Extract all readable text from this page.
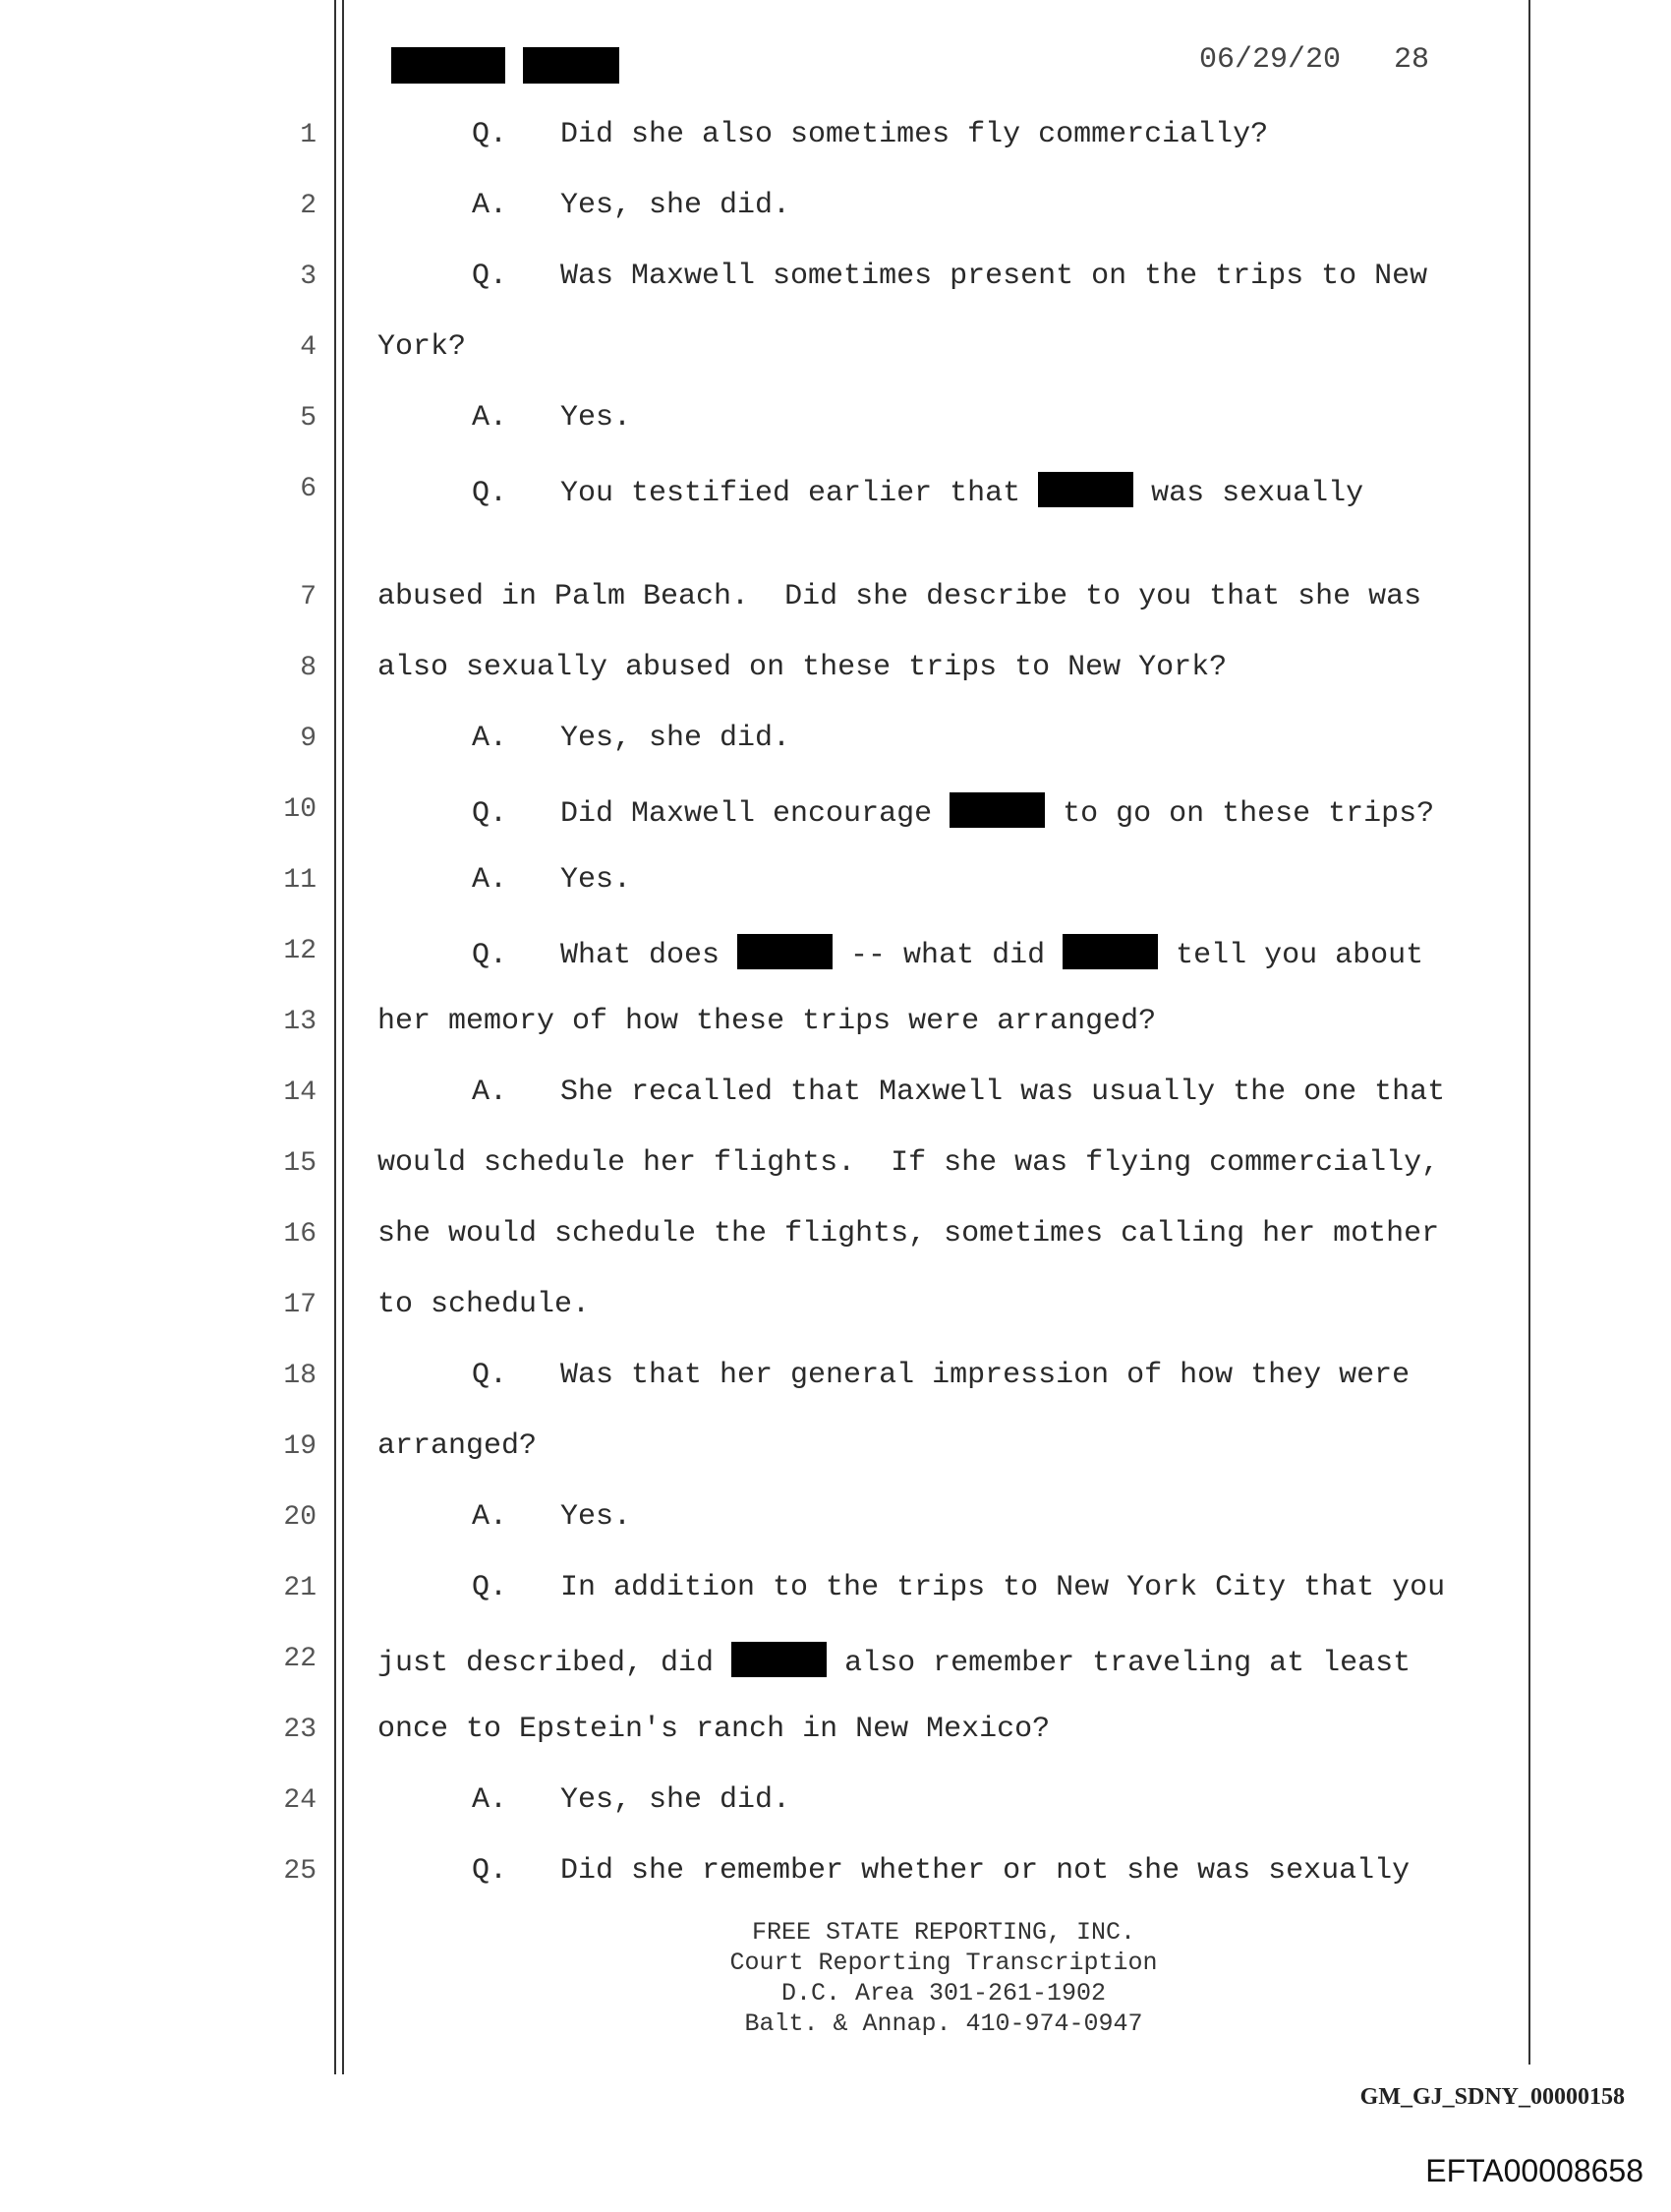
06/29/20 28
1	Q.   Did she also sometimes fly commercially?
2	A.   Yes, she did.
3	Q.   Was Maxwell sometimes present on the trips to New
4 York?
5	A.   Yes.
6	Q.   You testified earlier that	was sexually
7 abused in Palm Beach.  Did she describe to you that she was
8 also sexually abused on these trips to New York?
9	A.   Yes, she did.
10	Q.   Did Maxwell encourage	to go on these trips?
11	A.   Yes.
12	Q.   What does	-- what did	tell you about
13 her memory of how these trips were arranged?
14	A.   She recalled that Maxwell was usually the one that
15 would schedule her flights.  If she was flying commercially,
16 she would schedule the flights, sometimes calling her mother
17 to schedule.
18	Q.   Was that her general impression of how they were
19 arranged?
20	A.   Yes.
21	Q.   In addition to the trips to New York City that you
22 just described, did	also remember traveling at least
23 once to Epstein's ranch in New Mexico?
24	A.   Yes, she did.
25	Q.   Did she remember whether or not she was sexually
FREE STATE REPORTING, INC.
Court Reporting Transcription
D.C. Area 301-261-1902
Balt. & Annap. 410-974-0947
GM_GJ_SDNY_00000158
EFTA00008658
